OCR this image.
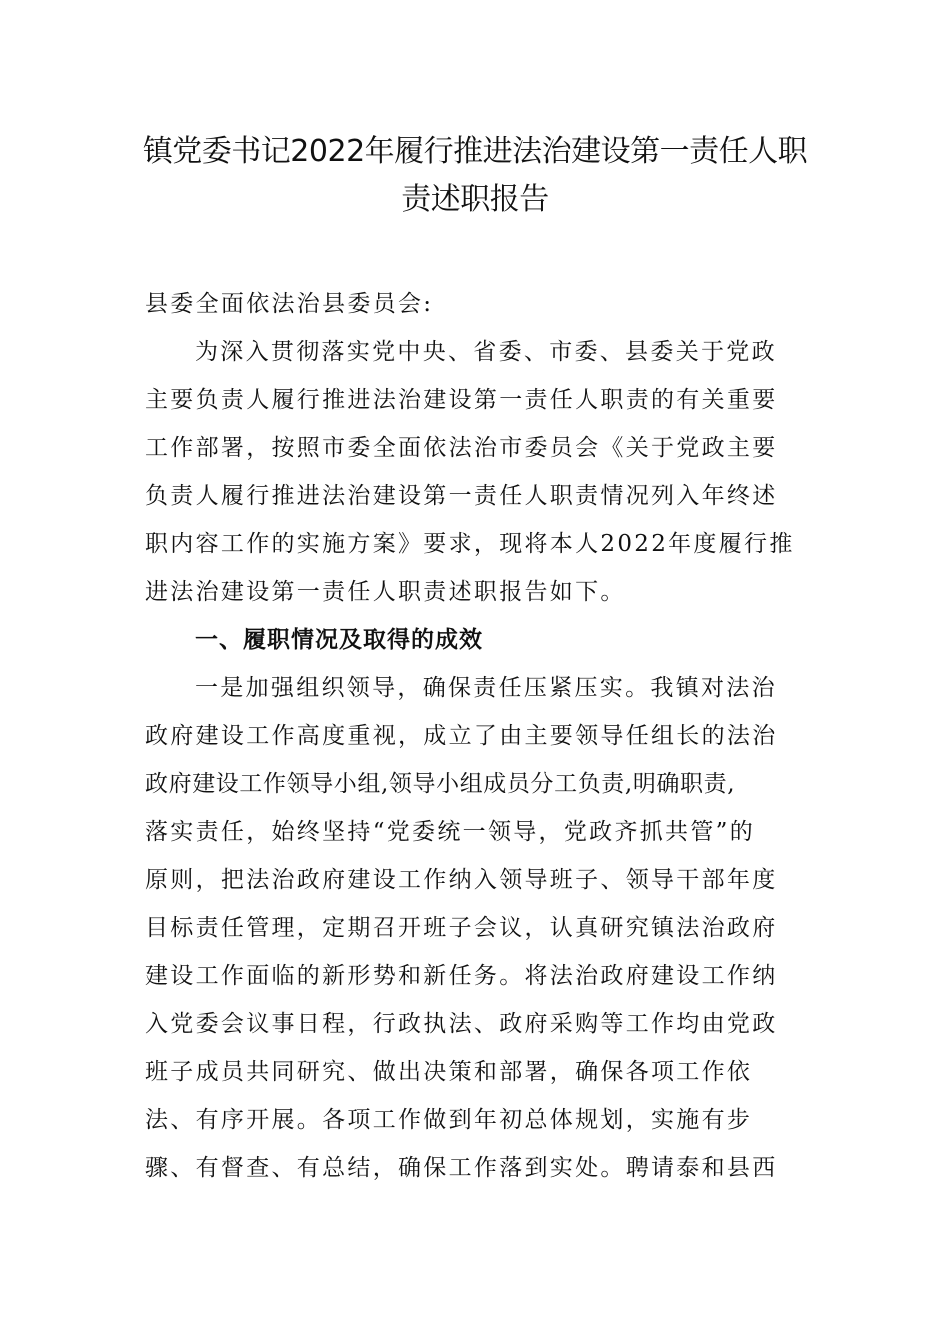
镇党委书记2022年履行推进法治建设第一责任人职
责述职报告
县委全面依法治县委员会:
为深入贯彻落实党中央、省委、市委、县委关于党政
主要负责人履行推进法治建设第一责任人职责的有关重要
工作部署，按照市委全面依法治市委员会《关于党政主要
负责人履行推进法治建设第一责任人职责情况列入年终述
职内容工作的实施方案》要求，现将本人2022年度履行推
进法治建设第一责任人职责述职报告如下。
一、履职情况及取得的成效
一是加强组织领导，确保责任压紧压实。我镇对法治
政府建设工作高度重视，成立了由主要领导任组长的法治
政府建设工作领导小组,领导小组成员分工负责,明确职责,
落实责任，始终坚持“党委统一领导，党政齐抓共管”的
原则，把法治政府建设工作纳入领导班子、领导干部年度
目标责任管理，定期召开班子会议，认真研究镇法治政府
建设工作面临的新形势和新任务。将法治政府建设工作纳
入党委会议事日程，行政执法、政府采购等工作均由党政
班子成员共同研究、做出决策和部署，确保各项工作依
法、有序开展。各项工作做到年初总体规划，实施有步
骤、有督查、有总结，确保工作落到实处。聘请泰和县西
